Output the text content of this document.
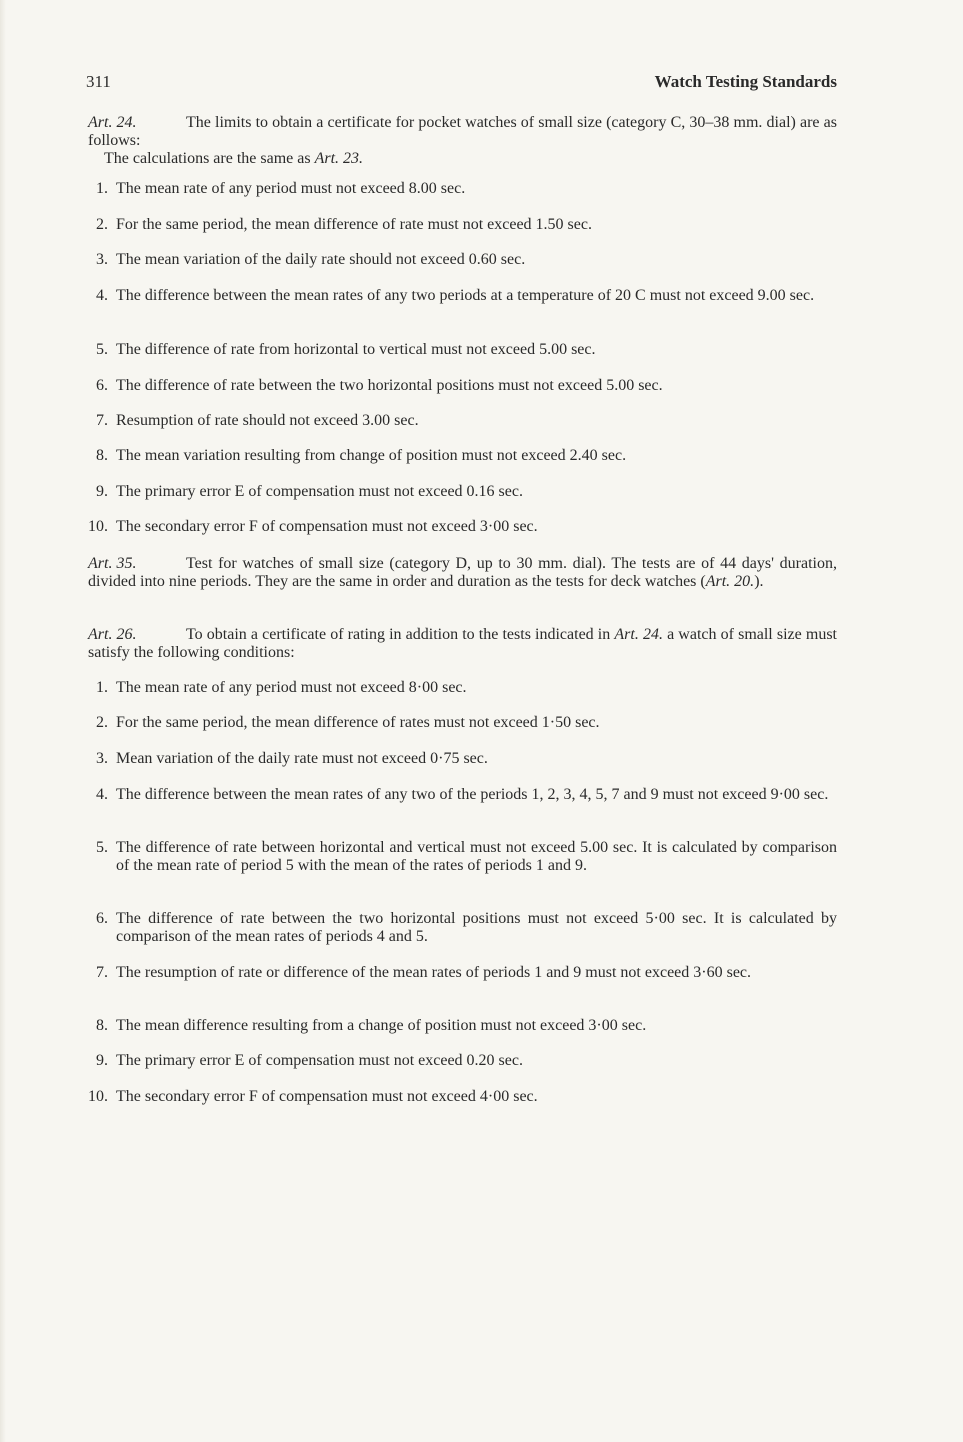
311	Watch Testing Standards
Art. 24.	The limits to obtain a certificate for pocket watches of small size (category C, 30–38 mm. dial) are as follows:
The calculations are the same as Art. 23.
1. The mean rate of any period must not exceed 8.00 sec.
2. For the same period, the mean difference of rate must not exceed 1.50 sec.
3. The mean variation of the daily rate should not exceed 0.60 sec.
4. The difference between the mean rates of any two periods at a temperature of 20 C must not exceed 9.00 sec.
5. The difference of rate from horizontal to vertical must not exceed 5.00 sec.
6. The difference of rate between the two horizontal positions must not exceed 5.00 sec.
7. Resumption of rate should not exceed 3.00 sec.
8. The mean variation resulting from change of position must not exceed 2.40 sec.
9. The primary error E of compensation must not exceed 0.16 sec.
10. The secondary error F of compensation must not exceed 3·00 sec.
Art. 35.	Test for watches of small size (category D, up to 30 mm. dial). The tests are of 44 days' duration, divided into nine periods. They are the same in order and duration as the tests for deck watches (Art. 20.).
Art. 26.	To obtain a certificate of rating in addition to the tests indicated in Art. 24. a watch of small size must satisfy the following conditions:
1. The mean rate of any period must not exceed 8·00 sec.
2. For the same period, the mean difference of rates must not exceed 1·50 sec.
3. Mean variation of the daily rate must not exceed 0·75 sec.
4. The difference between the mean rates of any two of the periods 1, 2, 3, 4, 5, 7 and 9 must not exceed 9·00 sec.
5. The difference of rate between horizontal and vertical must not exceed 5.00 sec. It is calculated by comparison of the mean rate of period 5 with the mean of the rates of periods 1 and 9.
6. The difference of rate between the two horizontal positions must not exceed 5·00 sec. It is calculated by comparison of the mean rates of periods 4 and 5.
7. The resumption of rate or difference of the mean rates of periods 1 and 9 must not exceed 3·60 sec.
8. The mean difference resulting from a change of position must not exceed 3·00 sec.
9. The primary error E of compensation must not exceed 0.20 sec.
10. The secondary error F of compensation must not exceed 4·00 sec.
